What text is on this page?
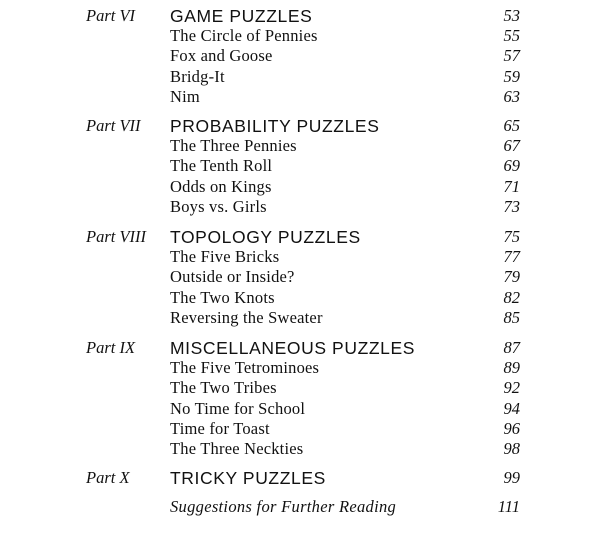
Part VI GAME PUZZLES	53
The Circle of Pennies	55
Fox and Goose	57
Bridg-It	59
Nim	63
Part VII PROBABILITY PUZZLES	65
The Three Pennies	67
The Tenth Roll	69
Odds on Kings	71
Boys vs. Girls	73
Part VIII TOPOLOGY PUZZLES	75
The Five Bricks	77
Outside or Inside?	79
The Two Knots	82
Reversing the Sweater	85
Part IX MISCELLANEOUS PUZZLES	87
The Five Tetrominoes	89
The Two Tribes	92
No Time for School	94
Time for Toast	96
The Three Neckties	98
Part X TRICKY PUZZLES	99
Suggestions for Further Reading	111
